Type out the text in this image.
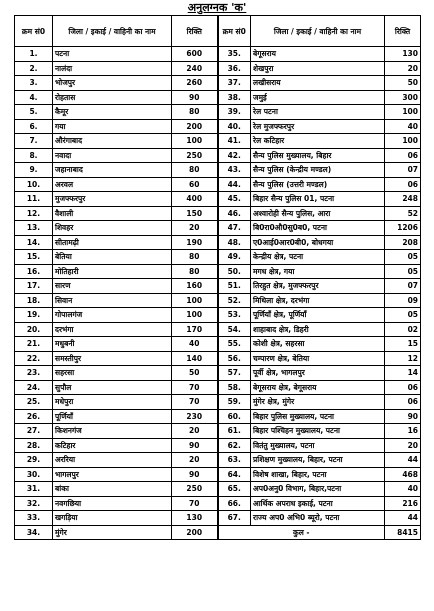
अनुलग्नक 'क'
क्रम सं0	जिला / इकाई / वाहिनी का नाम	रिक्ति	क्रम सं0	जिला / इकाई / वाहिनी का नाम	रिक्ति
1.	पटना	600	35.	बेगूसराय	130
2.	नालंदा	240	36.	शेखपुरा	20
3.	भोजपुर	260	37.	लखीसराय	50
4.	रोहतास	90	38.	जमुई	300
5.	कैमूर	80	39.	रेल पटना	100
6.	गया	200	40.	रेल मुजफ्फरपुर	40
7.	औरंगाबाद	100	41.	रेल कटिहार	100
8.	नवादा	250	42.	सैन्य पुलिस मुख्यालय, बिहार	06
9.	जहानाबाद	80	43.	सैन्य पुलिस (केन्द्रीय मण्डल)	07
10.	अरवल	60	44.	सैन्य पुलिस (उत्तरी मण्डल)	06
11.	मुजफ्फरपुर	400	45.	बिहार सैन्य पुलिस 01, पटना	248
12.	वैशाली	150	46.	अश्वारोही सैन्य पुलिस, आरा	52
13.	शिवहर	20	47.	बि0रा0औ0सु0ब0, पटना	1206
14.	सीतामढ़ी	190	48.	ए0आई0आर0बी0, बोधगया	208
15.	बेतिया	80	49.	केन्द्रीय क्षेत्र, पटना	05
16.	मोतिहारी	80	50.	मगध क्षेत्र, गया	05
17.	सारण	160	51.	तिरहुत क्षेत्र, मुजफ्फरपुर	07
18.	सिवान	100	52.	मिथिला क्षेत्र, दरभंगा	09
19.	गोपालगंज	100	53.	पूर्णियाँ क्षेत्र, पूर्णियाँ	05
20.	दरभंगा	170	54.	शाहाबाद क्षेत्र, डिहरी	02
21.	मधुबनी	40	55.	कोशी क्षेत्र, सहरसा	15
22.	समस्तीपुर	140	56.	चम्पारण क्षेत्र, बेतिया	12
23.	सहरसा	50	57.	पूर्वी क्षेत्र, भागलपुर	14
24.	सुपौल	70	58.	बेगूसराय क्षेत्र, बेगूसराय	06
25.	मधेपुरा	70	59.	मुंगेर क्षेत्र, मुंगेर	06
26.	पूर्णियाँ	230	60.	बिहार पुलिस मुख्यालय, पटना	90
27.	किशनगंज	20	61.	बिहार पश्चिहन मुख्यालय, पटना	16
28.	कटिहार	90	62.	वितंतु मुख्यालय, पटना	20
29.	अररिया	20	63.	प्रशिक्षण मुख्यालय, बिहार, पटना	44
30.	भागलपुर	90	64.	विशेष शाखा, बिहार, पटना	468
31.	बांका	250	65.	अप0अनु0 विभाग, बिहार,पटना	40
32.	नवगछिया	70	66.	आर्थिक अपराध इकाई, पटना	216
33.	खगड़िया	130	67.	राज्य अप0 अभि0 ब्यूरो, पटना	44
34.	मुंगेर	200	कुल -		8415
